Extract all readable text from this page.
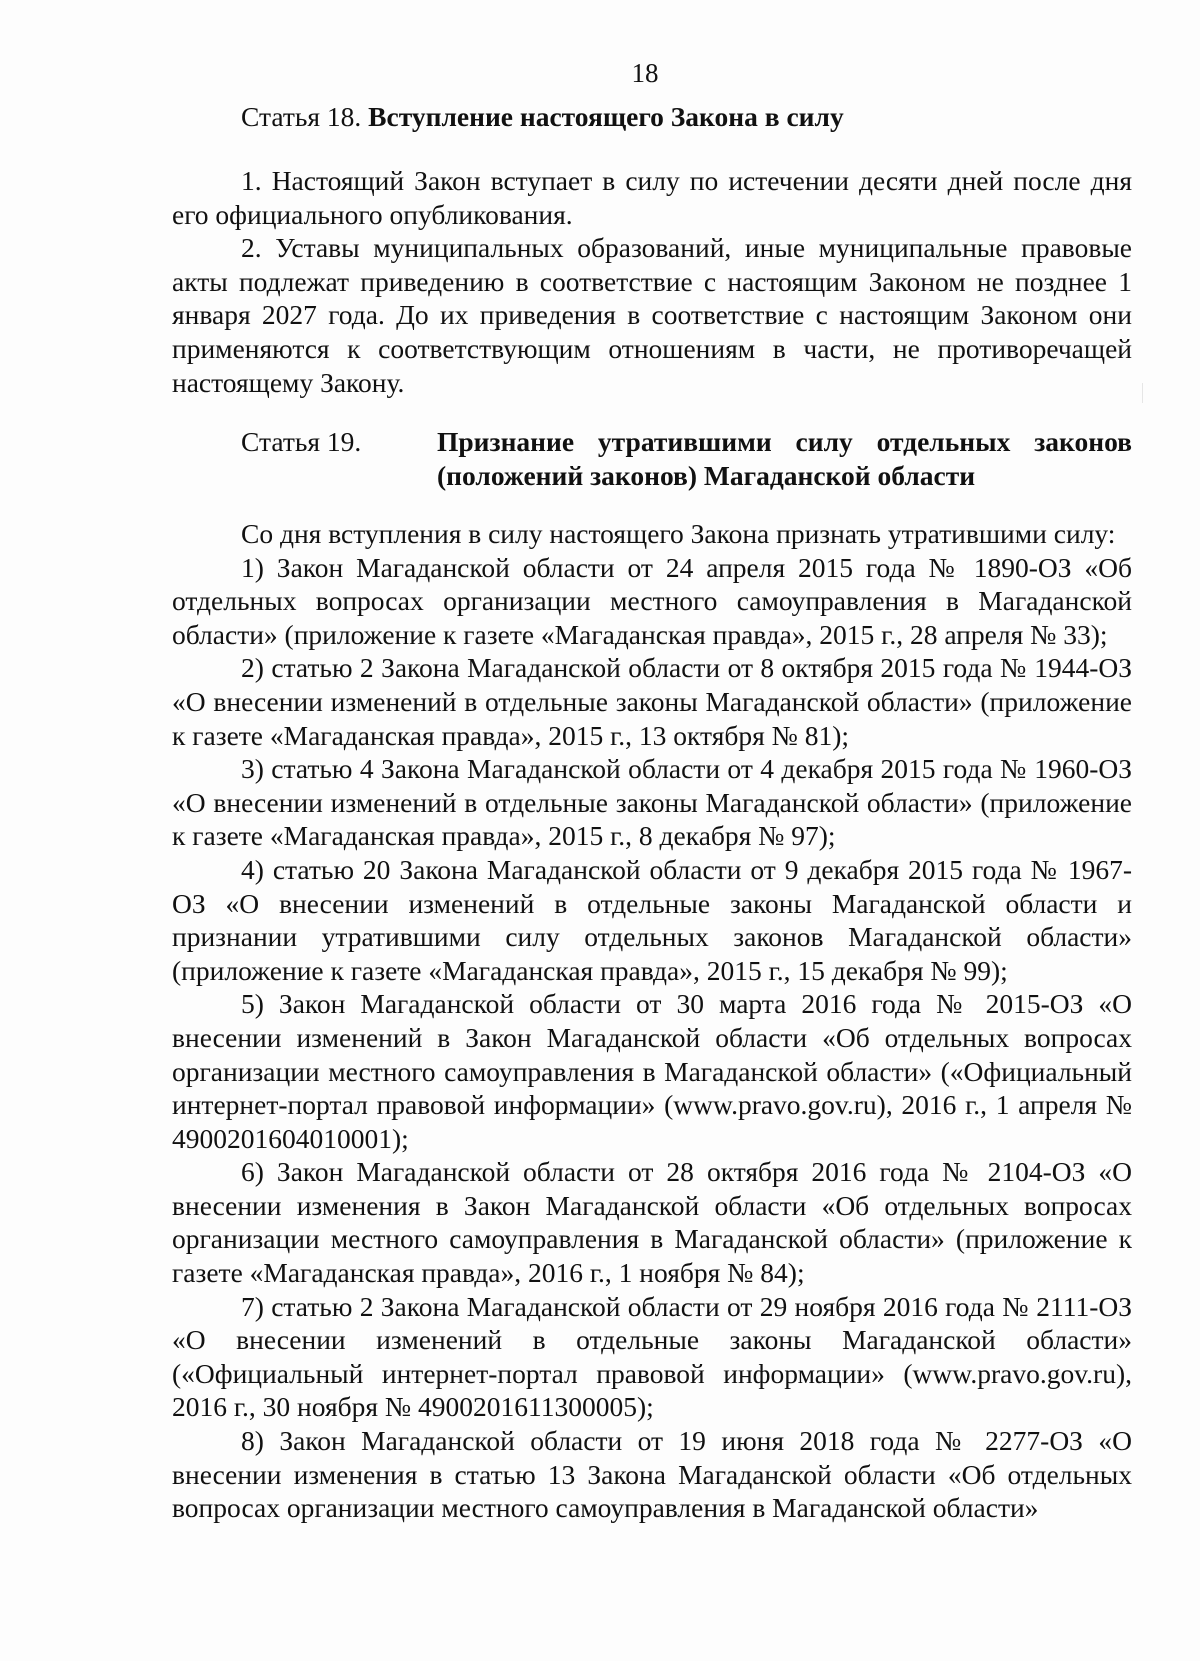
18

Статья 18. Вступление настоящего Закона в силу

1. Настоящий Закон вступает в силу по истечении десяти дней после дня его официального опубликования.

2. Уставы муниципальных образований, иные муниципальные правовые акты подлежат приведению в соответствие с настоящим Законом не позднее 1 января 2027 года. До их приведения в соответствие с настоящим Законом они применяются к соответствующим отношениям в части, не противоречащей настоящему Закону.

Статья 19.	Признание утратившими силу отдельных законов (положений законов) Магаданской области

Со дня вступления в силу настоящего Закона признать утратившими силу:

1) Закон Магаданской области от 24 апреля 2015 года № 1890-ОЗ «Об отдельных вопросах организации местного самоуправления в Магаданской области» (приложение к газете «Магаданская правда», 2015 г., 28 апреля № 33);

2) статью 2 Закона Магаданской области от 8 октября 2015 года № 1944-ОЗ «О внесении изменений в отдельные законы Магаданской области» (приложение к газете «Магаданская правда», 2015 г., 13 октября № 81);

3) статью 4 Закона Магаданской области от 4 декабря 2015 года № 1960-ОЗ «О внесении изменений в отдельные законы Магаданской области» (приложение к газете «Магаданская правда», 2015 г., 8 декабря № 97);

4) статью 20 Закона Магаданской области от 9 декабря 2015 года № 1967-ОЗ «О внесении изменений в отдельные законы Магаданской области и признании утратившими силу отдельных законов Магаданской области» (приложение к газете «Магаданская правда», 2015 г., 15 декабря № 99);

5) Закон Магаданской области от 30 марта 2016 года № 2015-ОЗ «О внесении изменений в Закон Магаданской области «Об отдельных вопросах организации местного самоуправления в Магаданской области» («Официальный интернет-портал правовой информации» (www.pravo.gov.ru), 2016 г., 1 апреля № 4900201604010001);

6) Закон Магаданской области от 28 октября 2016 года № 2104-ОЗ «О внесении изменения в Закон Магаданской области «Об отдельных вопросах организации местного самоуправления в Магаданской области» (приложение к газете «Магаданская правда», 2016 г., 1 ноября № 84);

7) статью 2 Закона Магаданской области от 29 ноября 2016 года № 2111-ОЗ «О внесении изменений в отдельные законы Магаданской области» («Официальный интернет-портал правовой информации» (www.pravo.gov.ru), 2016 г., 30 ноября № 4900201611300005);

8) Закон Магаданской области от 19 июня 2018 года № 2277-ОЗ «О внесении изменения в статью 13 Закона Магаданской области «Об отдельных вопросах организации местного самоуправления в Магаданской области»
